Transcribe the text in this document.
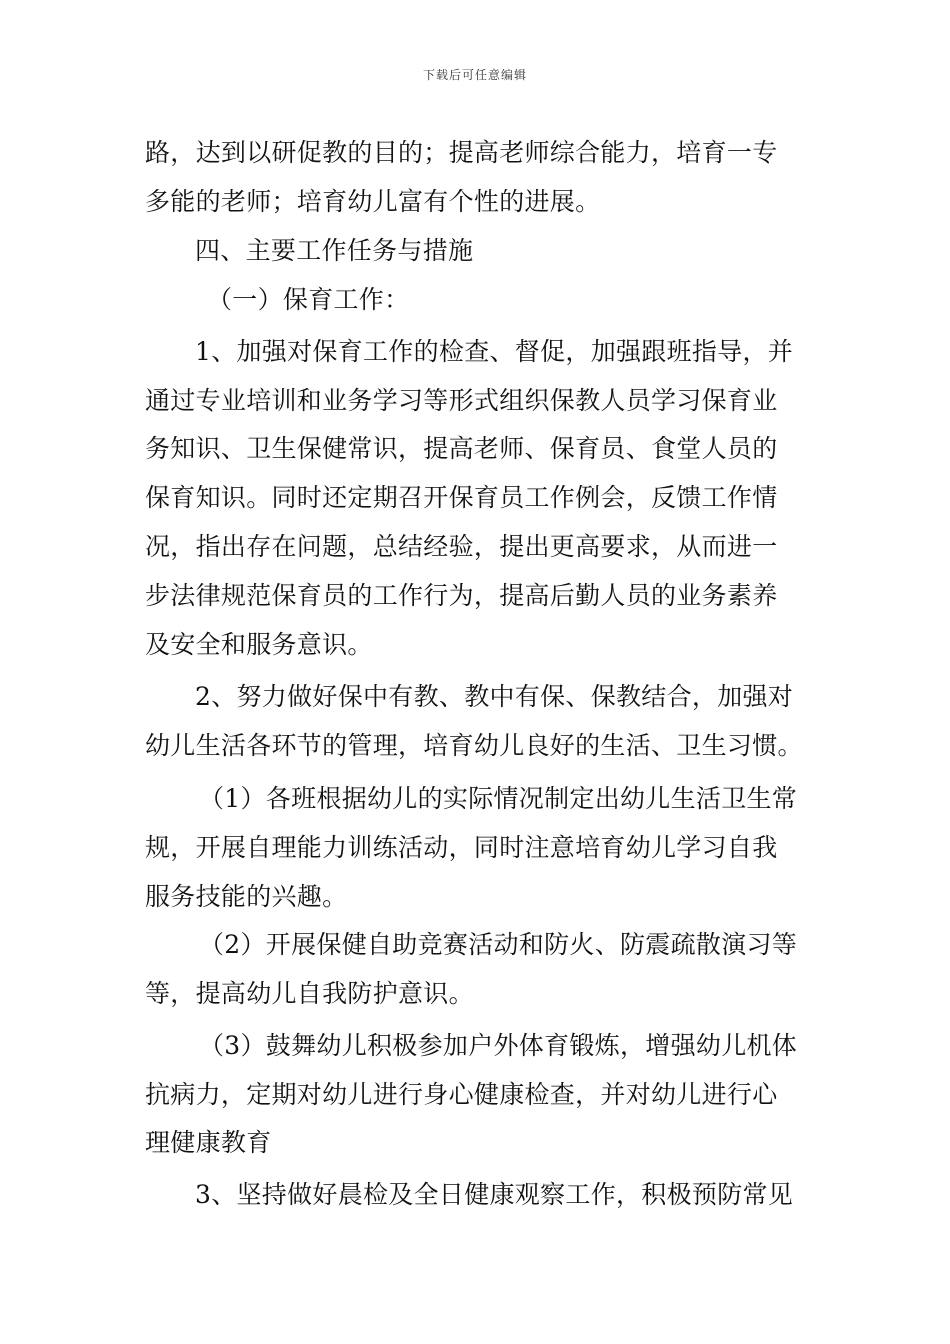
下载后可任意编辑
路，达到以研促教的目的；提高老师综合能力，培育一专
多能的老师；培育幼儿富有个性的进展。
四、主要工作任务与措施
（一）保育工作：
1、加强对保育工作的检查、督促，加强跟班指导，并
通过专业培训和业务学习等形式组织保教人员学习保育业
务知识、卫生保健常识，提高老师、保育员、食堂人员的
保育知识。同时还定期召开保育员工作例会，反馈工作情
况，指出存在问题，总结经验，提出更高要求，从而进一
步法律规范保育员的工作行为，提高后勤人员的业务素养
及安全和服务意识。
2、努力做好保中有教、教中有保、保教结合，加强对
幼儿生活各环节的管理，培育幼儿良好的生活、卫生习惯。
（1）各班根据幼儿的实际情况制定出幼儿生活卫生常
规，开展自理能力训练活动，同时注意培育幼儿学习自我
服务技能的兴趣。
（2）开展保健自助竞赛活动和防火、防震疏散演习等
等，提高幼儿自我防护意识。
（3）鼓舞幼儿积极参加户外体育锻炼，增强幼儿机体
抗病力，定期对幼儿进行身心健康检查，并对幼儿进行心
理健康教育
3、坚持做好晨检及全日健康观察工作，积极预防常见
